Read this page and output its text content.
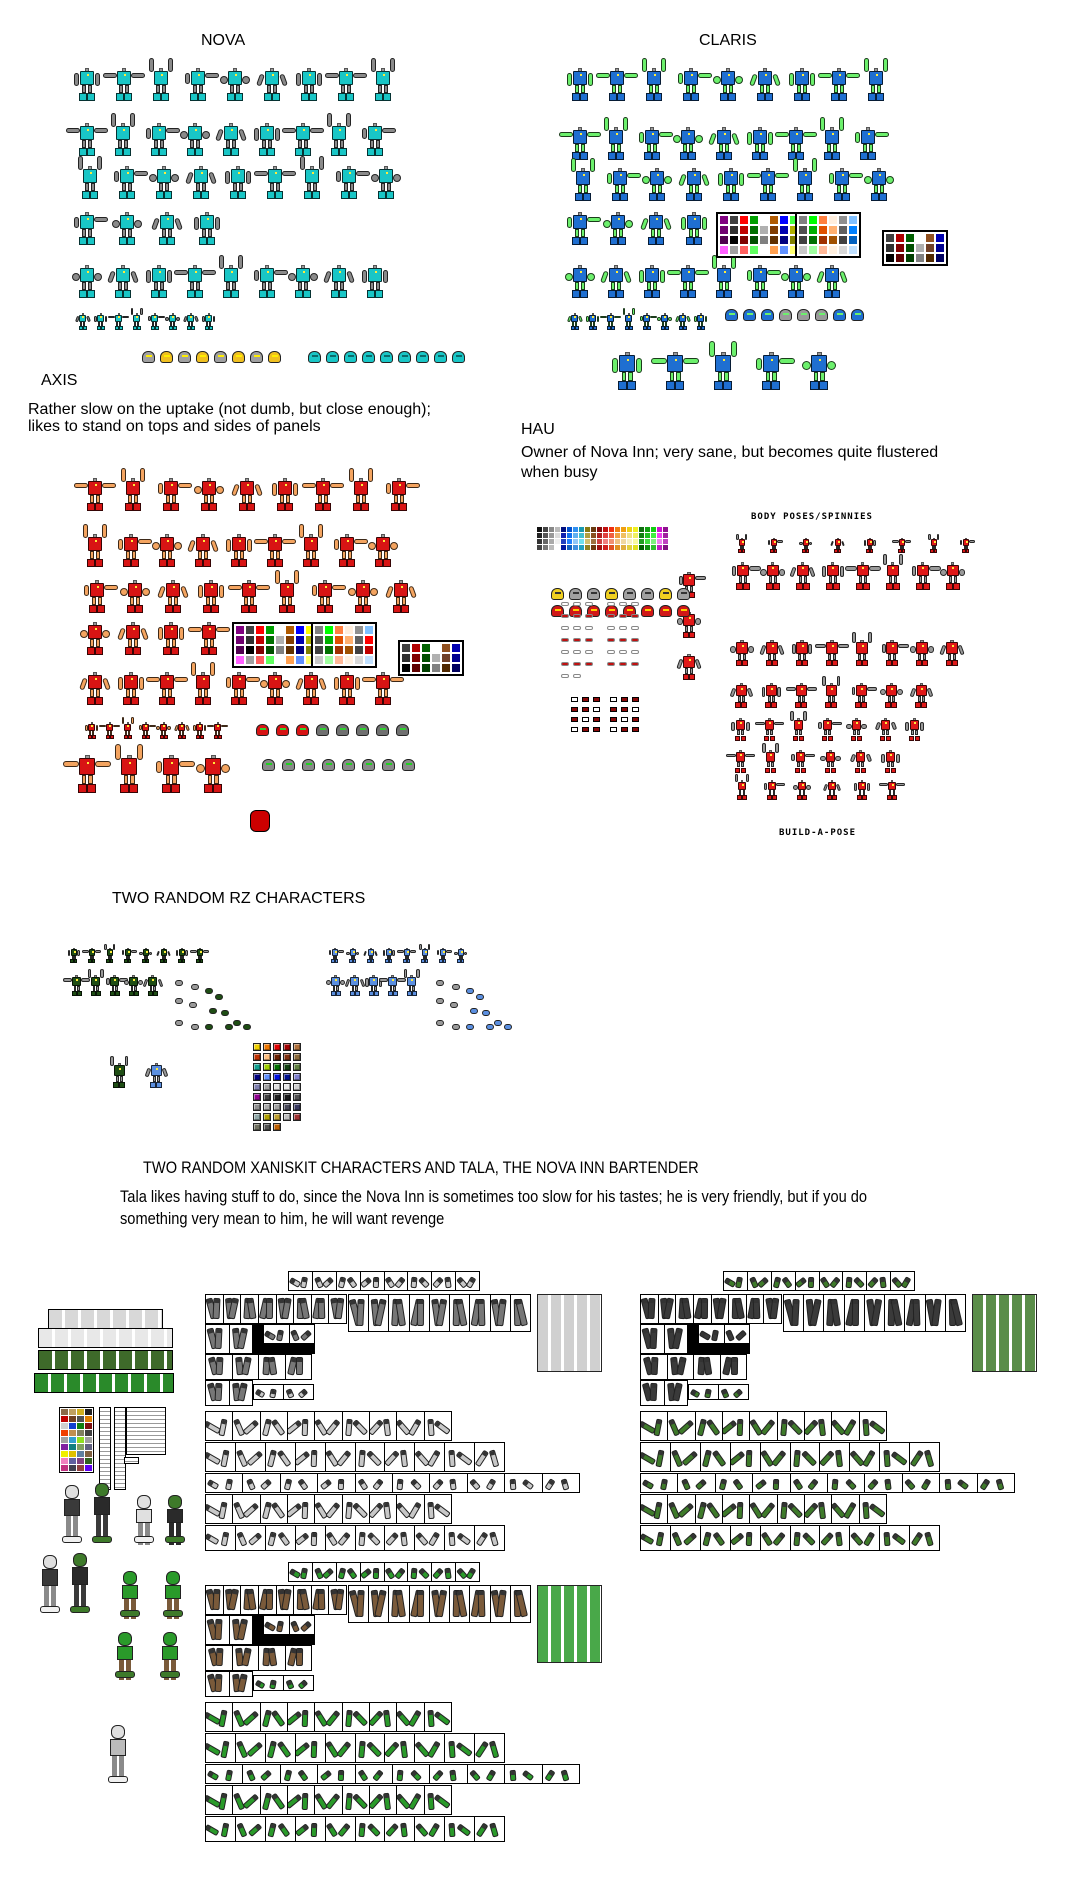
NOVA	CLARIS
AXIS
Rather slow on the uptake (not dumb, but close enough); likes to stand on tops and sides of panels	HAU
Owner of Nova Inn; very sane, but becomes quite flustered when busy
BODY POSES/SPINNIES
BUILD-A-POSE
TWO RANDOM RZ CHARACTERS
TWO RANDOM XANISKIT CHARACTERS AND TALA, THE NOVA INN BARTENDER
Tala likes having stuff to do, since the Nova Inn is sometimes too slow for his tastes; he is very friendly, but if you do something very mean to him, he will want revenge
